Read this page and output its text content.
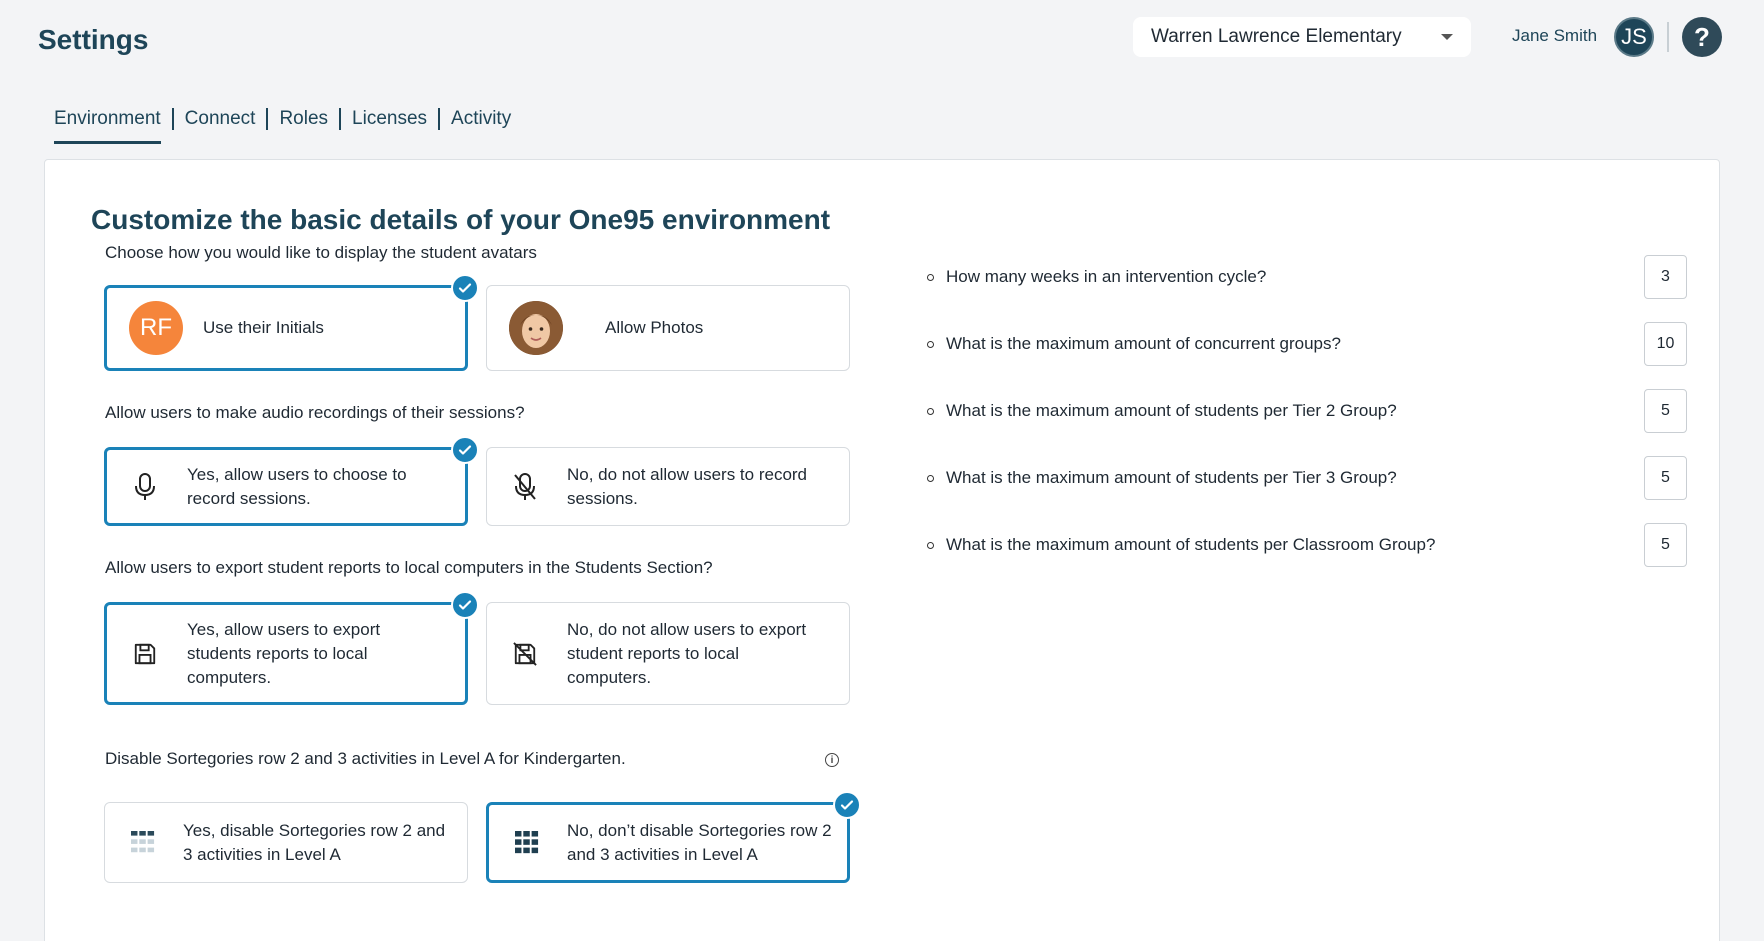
Settings	Warren Lawrence Elementary	Jane Smith	JS	?
Environment Connect Roles Licenses Activity
Customize the basic details of your One95 environment
Choose how you would like to display the student avatars
RF	Use their Initials	Allow Photos
Allow users to make audio recordings of their sessions?
Yes, allow users to choose to record sessions.
No, do not allow users to record sessions.
Allow users to export student reports to local computers in the Students Section?
Yes, allow users to export students reports to local computers.
No, do not allow users to export student reports to local computers.
Disable Sortegories row 2 and 3 activities in Level A for Kindergarten.	i
Yes, disable Sortegories row 2 and 3 activities in Level A
No, don’t disable Sortegories row 2 and 3 activities in Level A
How many weeks in an intervention cycle?	3
What is the maximum amount of concurrent groups?	10
What is the maximum amount of students per Tier 2 Group?	5
What is the maximum amount of students per Tier 3 Group?	5
What is the maximum amount of students per Classroom Group?	5
